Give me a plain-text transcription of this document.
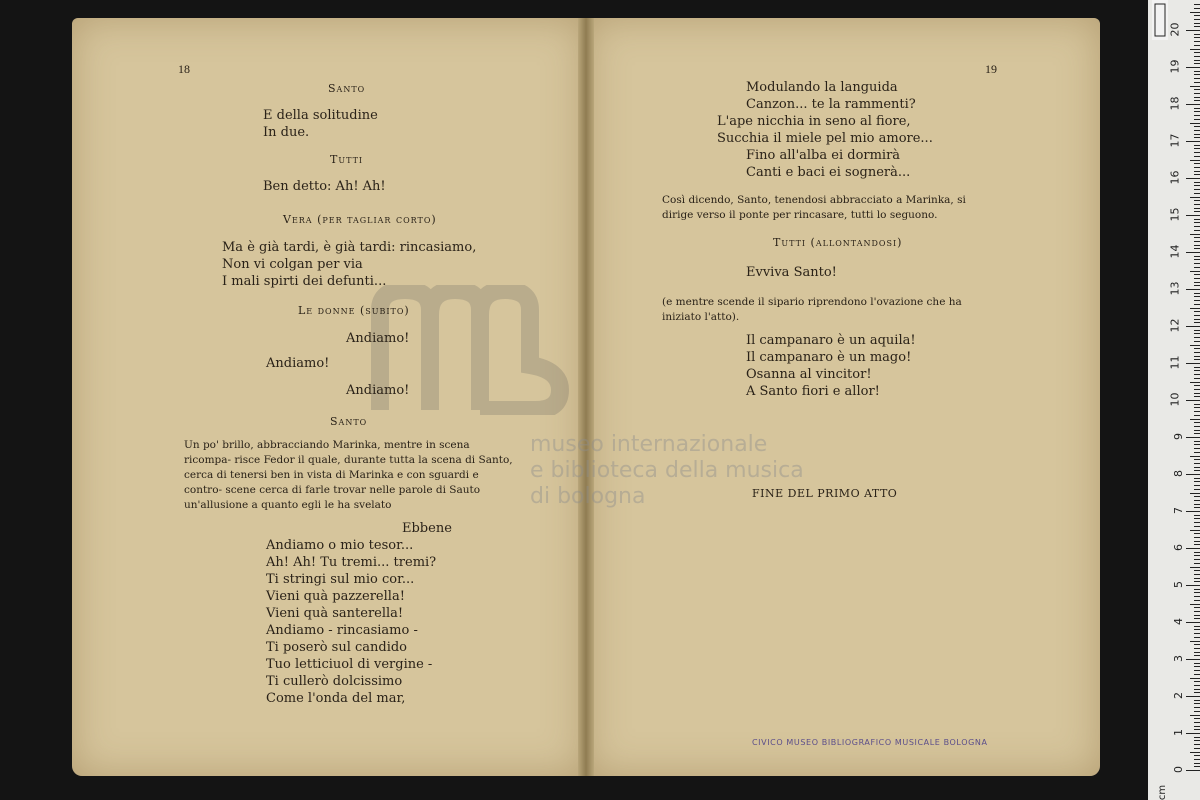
museo internazionale
e biblioteca della musica
di bologna
18
Santo
E della solitudine
In due.
Tutti
Ben detto: Ah! Ah!
Vera (per tagliar corto)
Ma è già tardi, è già tardi: rincasiamo,
Non vi colgan per via
I mali spirti dei defunti...
Le donne (subito)
Andiamo!
Andiamo!
Andiamo!
Santo
Un po' brillo, abbracciando Marinka, mentre in scena ricompa- risce Fedor il quale, durante tutta la scena di Santo, cerca di tenersi ben in vista di Marinka e con sguardi e contro- scene cerca di farle trovar nelle parole di Sauto un'allusione a quanto egli le ha svelato
Ebbene
Andiamo o mio tesor...
Ah! Ah! Tu tremi... tremi?
Ti stringi sul mio cor...
Vieni quà pazzerella!
Vieni quà santerella!
Andiamo - rincasiamo -
Ti poserò sul candido
Tuo letticiuol di vergine -
Ti cullerò dolcissimo
Come l'onda del mar,
19
Modulando la languida
Canzon... te la rammenti?
L'ape nicchia in seno al fiore,
Succhia il miele pel mio amore...
Fino all'alba ei dormirà
Canti e baci ei sognerà...
Così dicendo, Santo, tenendosi abbracciato a Marinka, si dirige verso il ponte per rincasare, tutti lo seguono.
Tutti (allontandosi)
Evviva Santo!
(e mentre scende il sipario riprendono l'ovazione che ha iniziato l'atto).
Il campanaro è un aquila!
Il campanaro è un mago!
Osanna al vincitor!
A Santo fiori e allor!
FINE DEL PRIMO ATTO
CIVICO MUSEO BIBLIOGRAFICO MUSICALE BOLOGNA
0
1
2
3
4
5
6
7
8
9
10
11
12
13
14
15
16
17
18
19
20
cm
